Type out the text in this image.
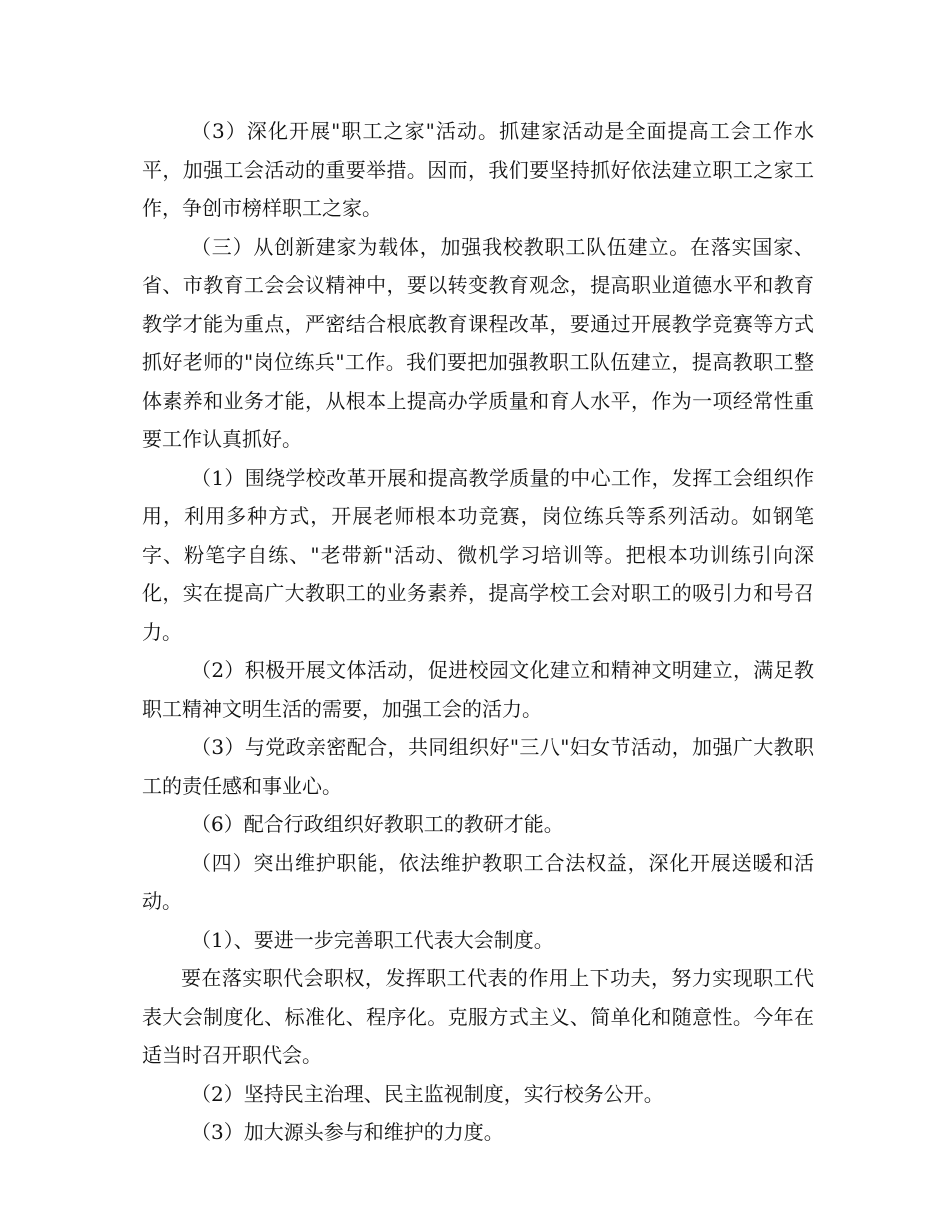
（3）深化开展"职工之家"活动。抓建家活动是全面提高工会工作水平，加强工会活动的重要举措。因而，我们要坚持抓好依法建立职工之家工作，争创市榜样职工之家。

（三）从创新建家为载体，加强我校教职工队伍建立。在落实国家、省、市教育工会会议精神中，要以转变教育观念，提高职业道德水平和教育教学才能为重点，严密结合根底教育课程改革，要通过开展教学竞赛等方式抓好老师的"岗位练兵"工作。我们要把加强教职工队伍建立，提高教职工整体素养和业务才能，从根本上提高办学质量和育人水平，作为一项经常性重要工作认真抓好。

（1）围绕学校改革开展和提高教学质量的中心工作，发挥工会组织作用，利用多种方式，开展老师根本功竞赛，岗位练兵等系列活动。如钢笔字、粉笔字自练、"老带新"活动、微机学习培训等。把根本功训练引向深化，实在提高广大教职工的业务素养，提高学校工会对职工的吸引力和号召力。

（2）积极开展文体活动，促进校园文化建立和精神文明建立，满足教职工精神文明生活的需要，加强工会的活力。

（3）与党政亲密配合，共同组织好"三八"妇女节活动，加强广大教职工的责任感和事业心。

（6）配合行政组织好教职工的教研才能。

（四）突出维护职能，依法维护教职工合法权益，深化开展送暖和活动。

（1）、要进一步完善职工代表大会制度。

要在落实职代会职权，发挥职工代表的作用上下功夫，努力实现职工代表大会制度化、标准化、程序化。克服方式主义、简单化和随意性。今年在适当时召开职代会。

（2）坚持民主治理、民主监视制度，实行校务公开。

（3）加大源头参与和维护的力度。
